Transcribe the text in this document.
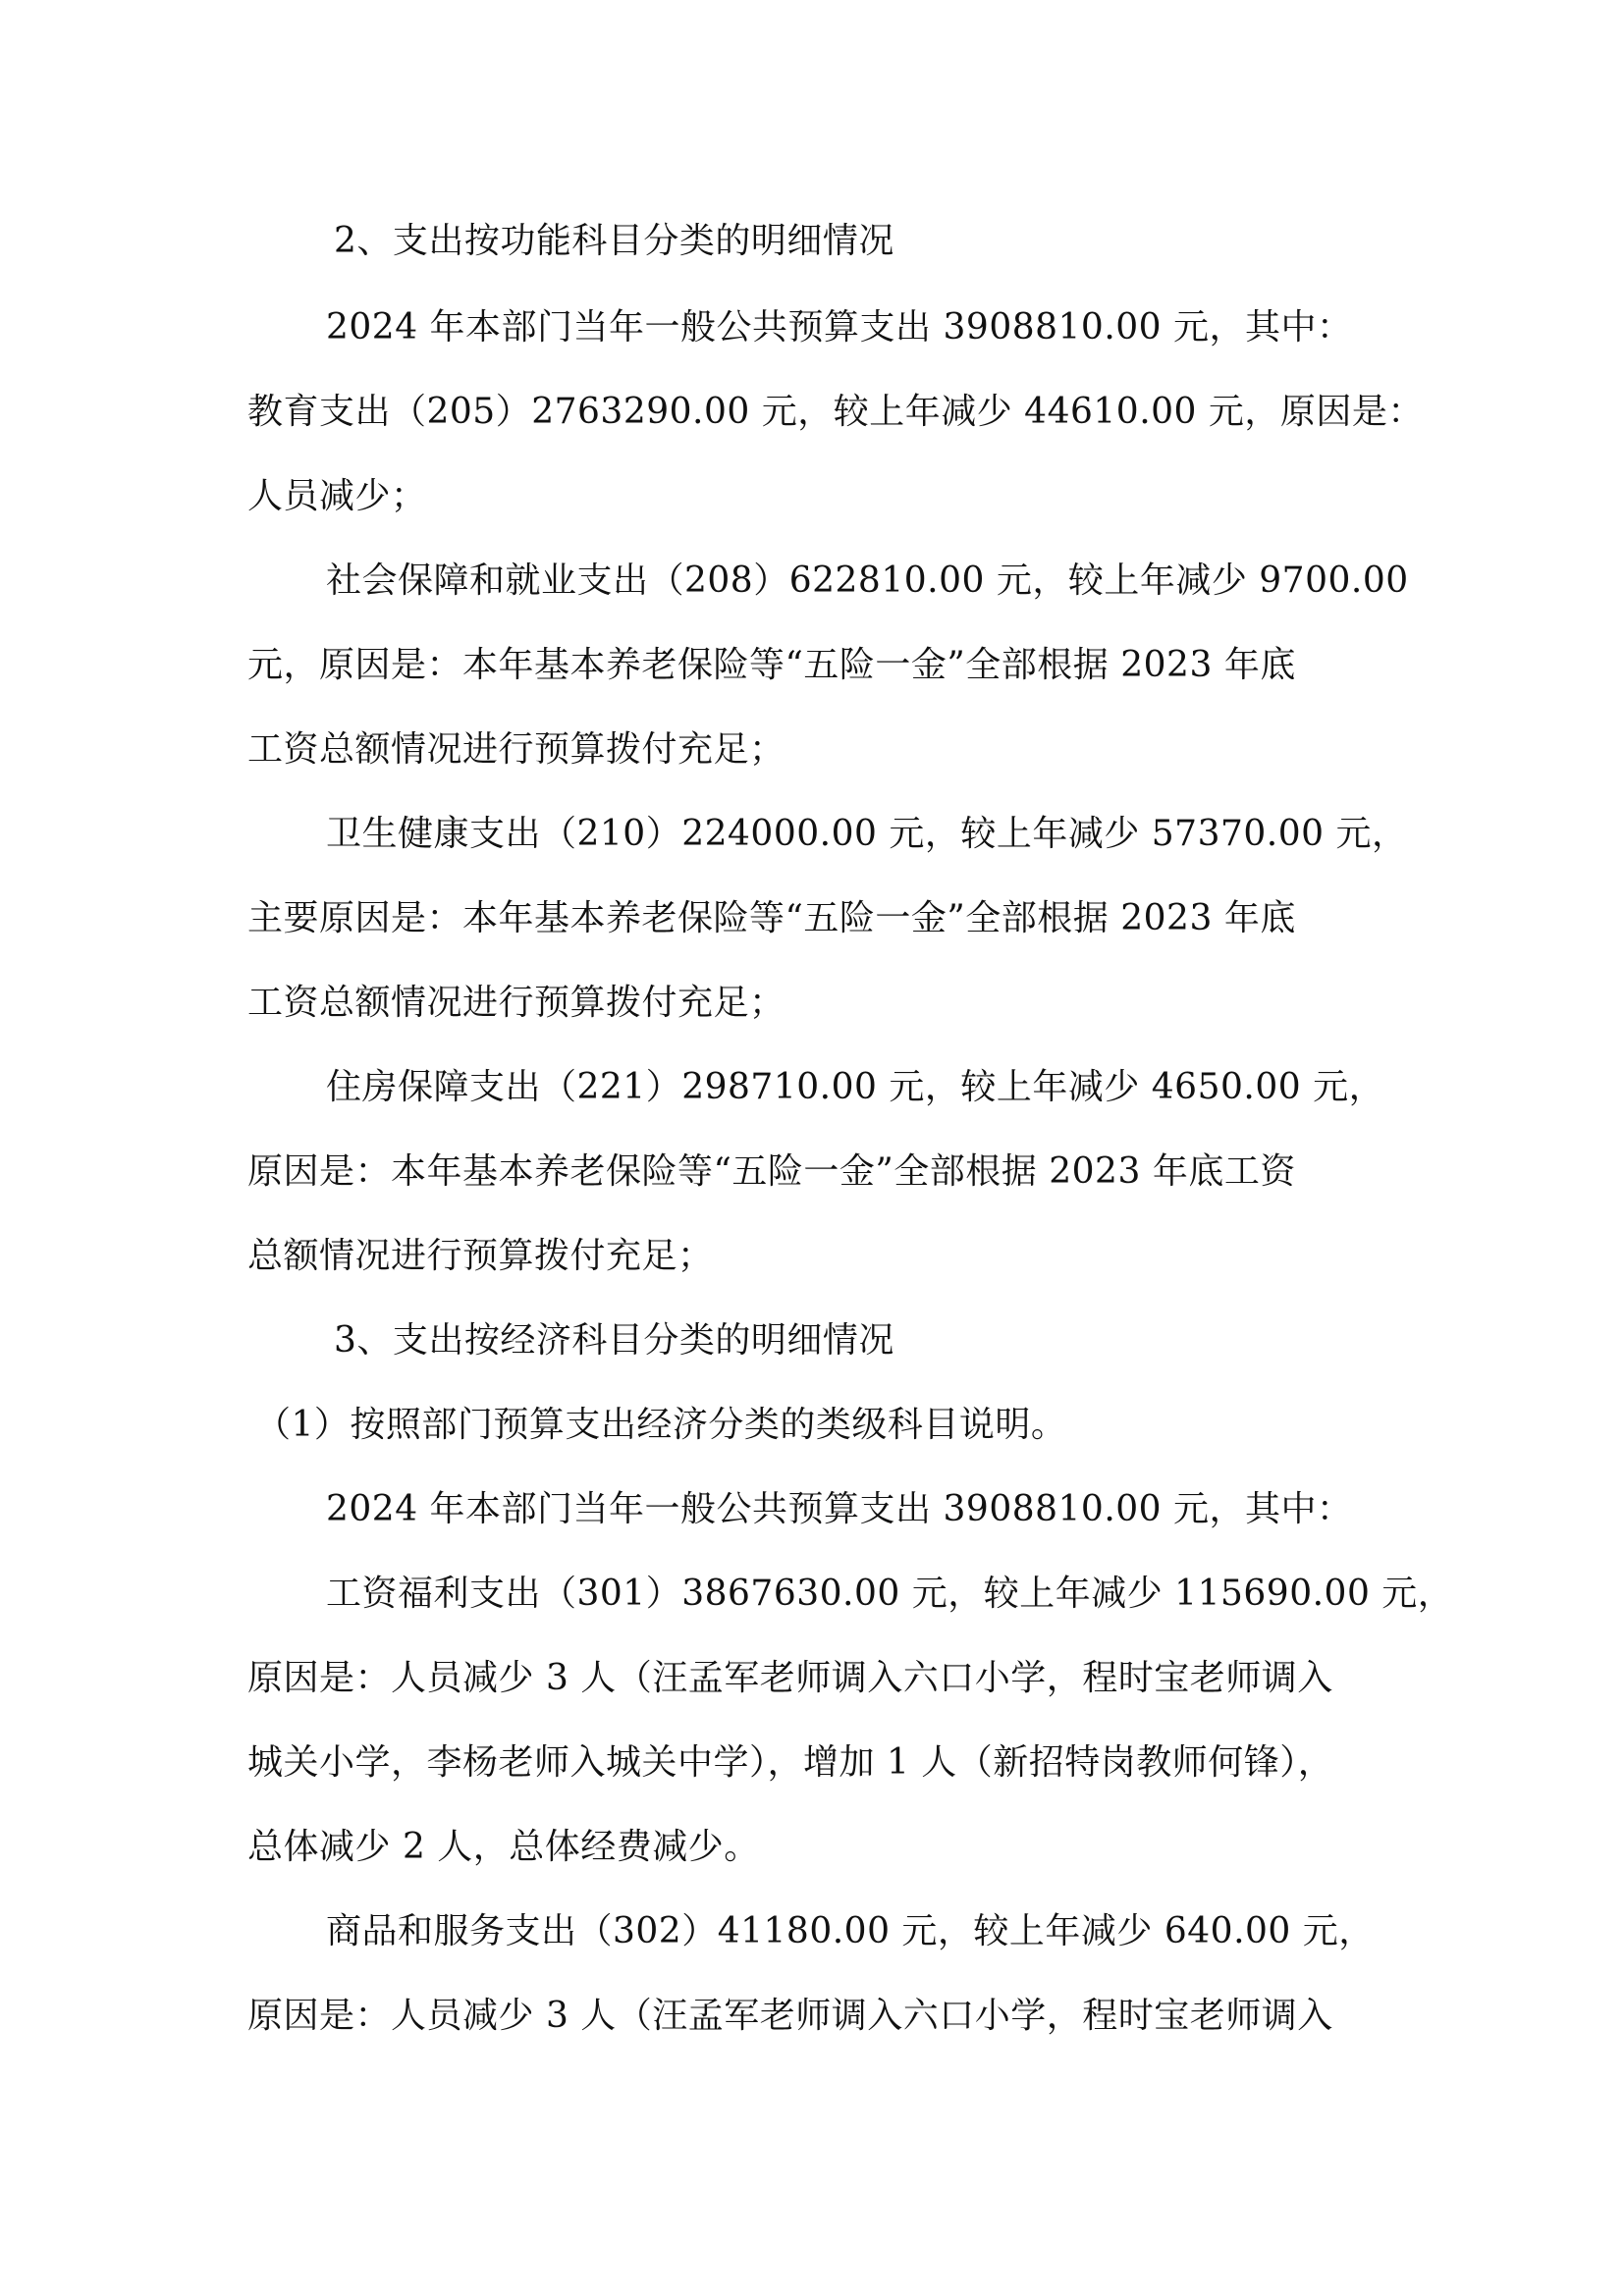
2、支出按功能科目分类的明细情况
2024 年本部门当年一般公共预算支出 3908810.00 元，其中：
教育支出（205）2763290.00 元，较上年减少 44610.00 元，原因是：
人员减少；
社会保障和就业支出（208）622810.00 元，较上年减少 9700.00
元，原因是：本年基本养老保险等“五险一金”全部根据 2023 年底
工资总额情况进行预算拨付充足；
卫生健康支出（210）224000.00 元，较上年减少 57370.00 元，
主要原因是：本年基本养老保险等“五险一金”全部根据 2023 年底
工资总额情况进行预算拨付充足；
住房保障支出（221）298710.00 元，较上年减少 4650.00 元，
原因是：本年基本养老保险等“五险一金”全部根据 2023 年底工资
总额情况进行预算拨付充足；
3、支出按经济科目分类的明细情况
（1）按照部门预算支出经济分类的类级科目说明。
2024 年本部门当年一般公共预算支出 3908810.00 元，其中：
工资福利支出（301）3867630.00 元，较上年减少 115690.00 元，
原因是：人员减少 3 人（汪孟军老师调入六口小学，程时宝老师调入
城关小学，李杨老师入城关中学），增加 1 人（新招特岗教师何锋），
总体减少 2 人，总体经费减少。
商品和服务支出（302）41180.00 元，较上年减少 640.00 元，
原因是：人员减少 3 人（汪孟军老师调入六口小学，程时宝老师调入
